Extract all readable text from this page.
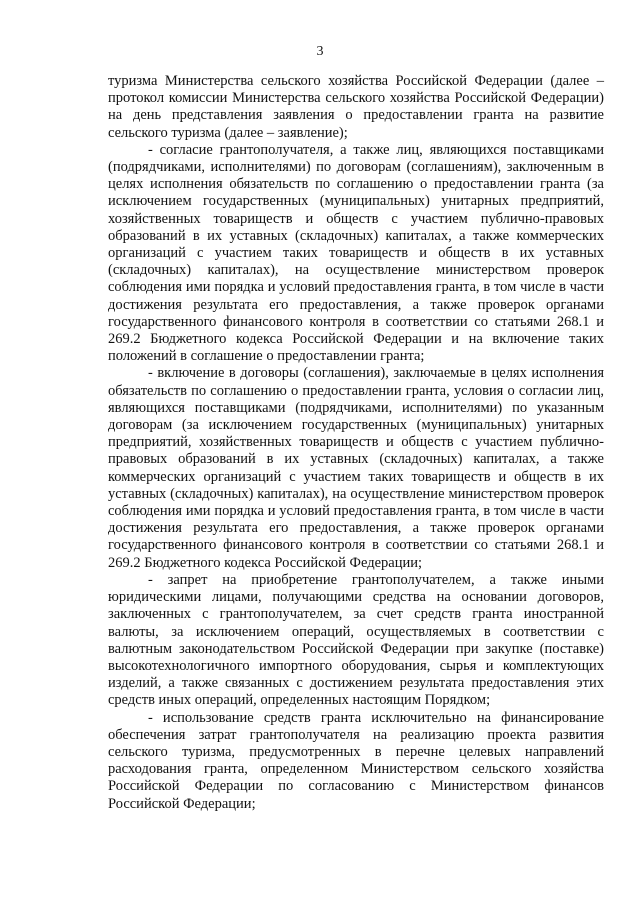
3

туризма Министерства сельского хозяйства Российской Федерации (далее – протокол комиссии Министерства сельского хозяйства Российской Федерации) на день представления заявления о предоставлении гранта на развитие сельского туризма (далее – заявление);

- согласие грантополучателя, а также лиц, являющихся поставщиками (подрядчиками, исполнителями) по договорам (соглашениям), заключенным в целях исполнения обязательств по соглашению о предоставлении гранта (за исключением государственных (муниципальных) унитарных предприятий, хозяйственных товариществ и обществ с участием публично-правовых образований в их уставных (складочных) капиталах, а также коммерческих организаций с участием таких товариществ и обществ в их уставных (складочных) капиталах), на осуществление министерством проверок соблюдения ими порядка и условий предоставления гранта, в том числе в части достижения результата его предоставления, а также проверок органами государственного финансового контроля в соответствии со статьями 268.1 и 269.2 Бюджетного кодекса Российской Федерации и на включение таких положений в соглашение о предоставлении гранта;

- включение в договоры (соглашения), заключаемые в целях исполнения обязательств по соглашению о предоставлении гранта, условия о согласии лиц, являющихся поставщиками (подрядчиками, исполнителями) по указанным договорам (за исключением государственных (муниципальных) унитарных предприятий, хозяйственных товариществ и обществ с участием публично-правовых образований в их уставных (складочных) капиталах, а также коммерческих организаций с участием таких товариществ и обществ в их уставных (складочных) капиталах), на осуществление министерством проверок соблюдения ими порядка и условий предоставления гранта, в том числе в части достижения результата его предоставления, а также проверок органами государственного финансового контроля в соответствии со статьями 268.1 и 269.2 Бюджетного кодекса Российской Федерации;

- запрет на приобретение грантополучателем, а также иными юридическими лицами, получающими средства на основании договоров, заключенных с грантополучателем, за счет средств гранта иностранной валюты, за исключением операций, осуществляемых в соответствии с валютным законодательством Российской Федерации при закупке (поставке) высокотехнологичного импортного оборудования, сырья и комплектующих изделий, а также связанных с достижением результата предоставления этих средств иных операций, определенных настоящим Порядком;

- использование средств гранта исключительно на финансирование обеспечения затрат грантополучателя на реализацию проекта развития сельского туризма, предусмотренных в перечне целевых направлений расходования гранта, определенном Министерством сельского хозяйства Российской Федерации по согласованию с Министерством финансов Российской Федерации;
